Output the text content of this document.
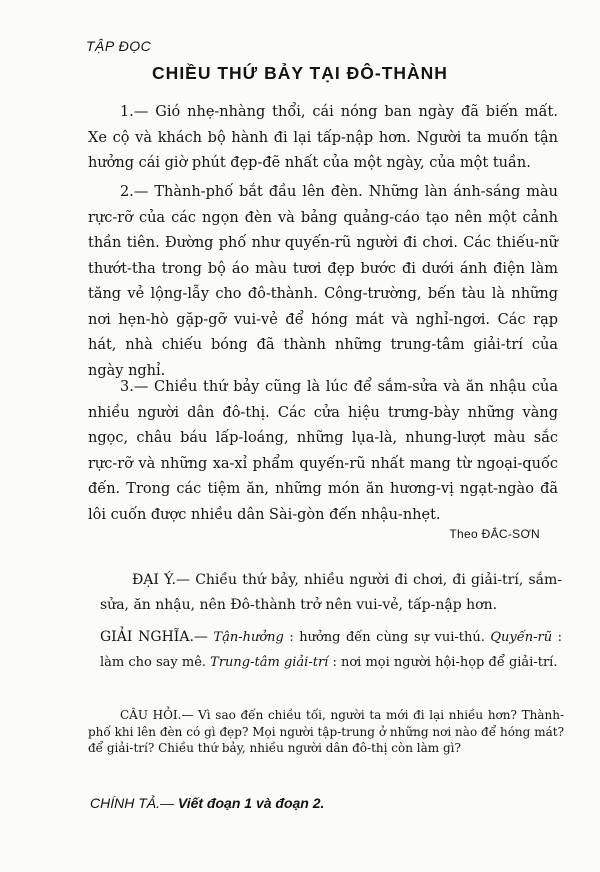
TẬP ĐỌC
CHIỀU THỨ BẢY TẠI ĐÔ-THÀNH

1.— Gió nhẹ-nhàng thổi, cái nóng ban ngày đã biến mất. Xe cộ và khách bộ hành đi lại tấp-nập hơn. Người ta muốn tận hưởng cái giờ phút đẹp-đẽ nhất của một ngày, của một tuần.

2.— Thành-phố bắt đầu lên đèn. Những làn ánh-sáng màu rực-rỡ của các ngọn đèn và bảng quảng-cáo tạo nên một cảnh thần tiên. Đường phố như quyến-rũ người đi chơi. Các thiếu-nữ thướt-tha trong bộ áo màu tươi đẹp bước đi dưới ánh điện làm tăng vẻ lộng-lẫy cho đô-thành. Công-trường, bến tàu là những nơi hẹn-hò gặp-gỡ vui-vẻ để hóng mát và nghỉ-ngơi. Các rạp hát, nhà chiếu bóng đã thành những trung-tâm giải-trí của ngày nghỉ.

3.— Chiều thứ bảy cũng là lúc để sắm-sửa và ăn nhậu của nhiều người dân đô-thị. Các cửa hiệu trưng-bày những vàng ngọc, châu báu lấp-loáng, những lụa-là, nhung-lượt màu sắc rực-rỡ và những xa-xỉ phẩm quyến-rũ nhất mang từ ngoại-quốc đến. Trong các tiệm ăn, những món ăn hương-vị ngạt-ngào đã lôi cuốn được nhiều dân Sài-gòn đến nhậu-nhẹt.

Theo ĐẮC-SƠN

ĐẠI Ý.— Chiều thứ bảy, nhiều người đi chơi, đi giải-trí, sắm-sửa, ăn nhậu, nên Đô-thành trở nên vui-vẻ, tấp-nập hơn.

GIẢI NGHĨA.— Tận-hưởng : hưởng đến cùng sự vui-thú. Quyến-rũ : làm cho say mê. Trung-tâm giải-trí : nơi mọi người hội-họp để giải-trí.

CÂU HỎI.— Vì sao đến chiều tối, người ta mới đi lại nhiều hơn? Thành-phố khi lên đèn có gì đẹp? Mọi người tập-trung ở những nơi nào để hóng mát? để giải-trí? Chiều thứ bảy, nhiều người dân đô-thị còn làm gì?

CHÍNH TẢ.— Viết đoạn 1 và đoạn 2.
